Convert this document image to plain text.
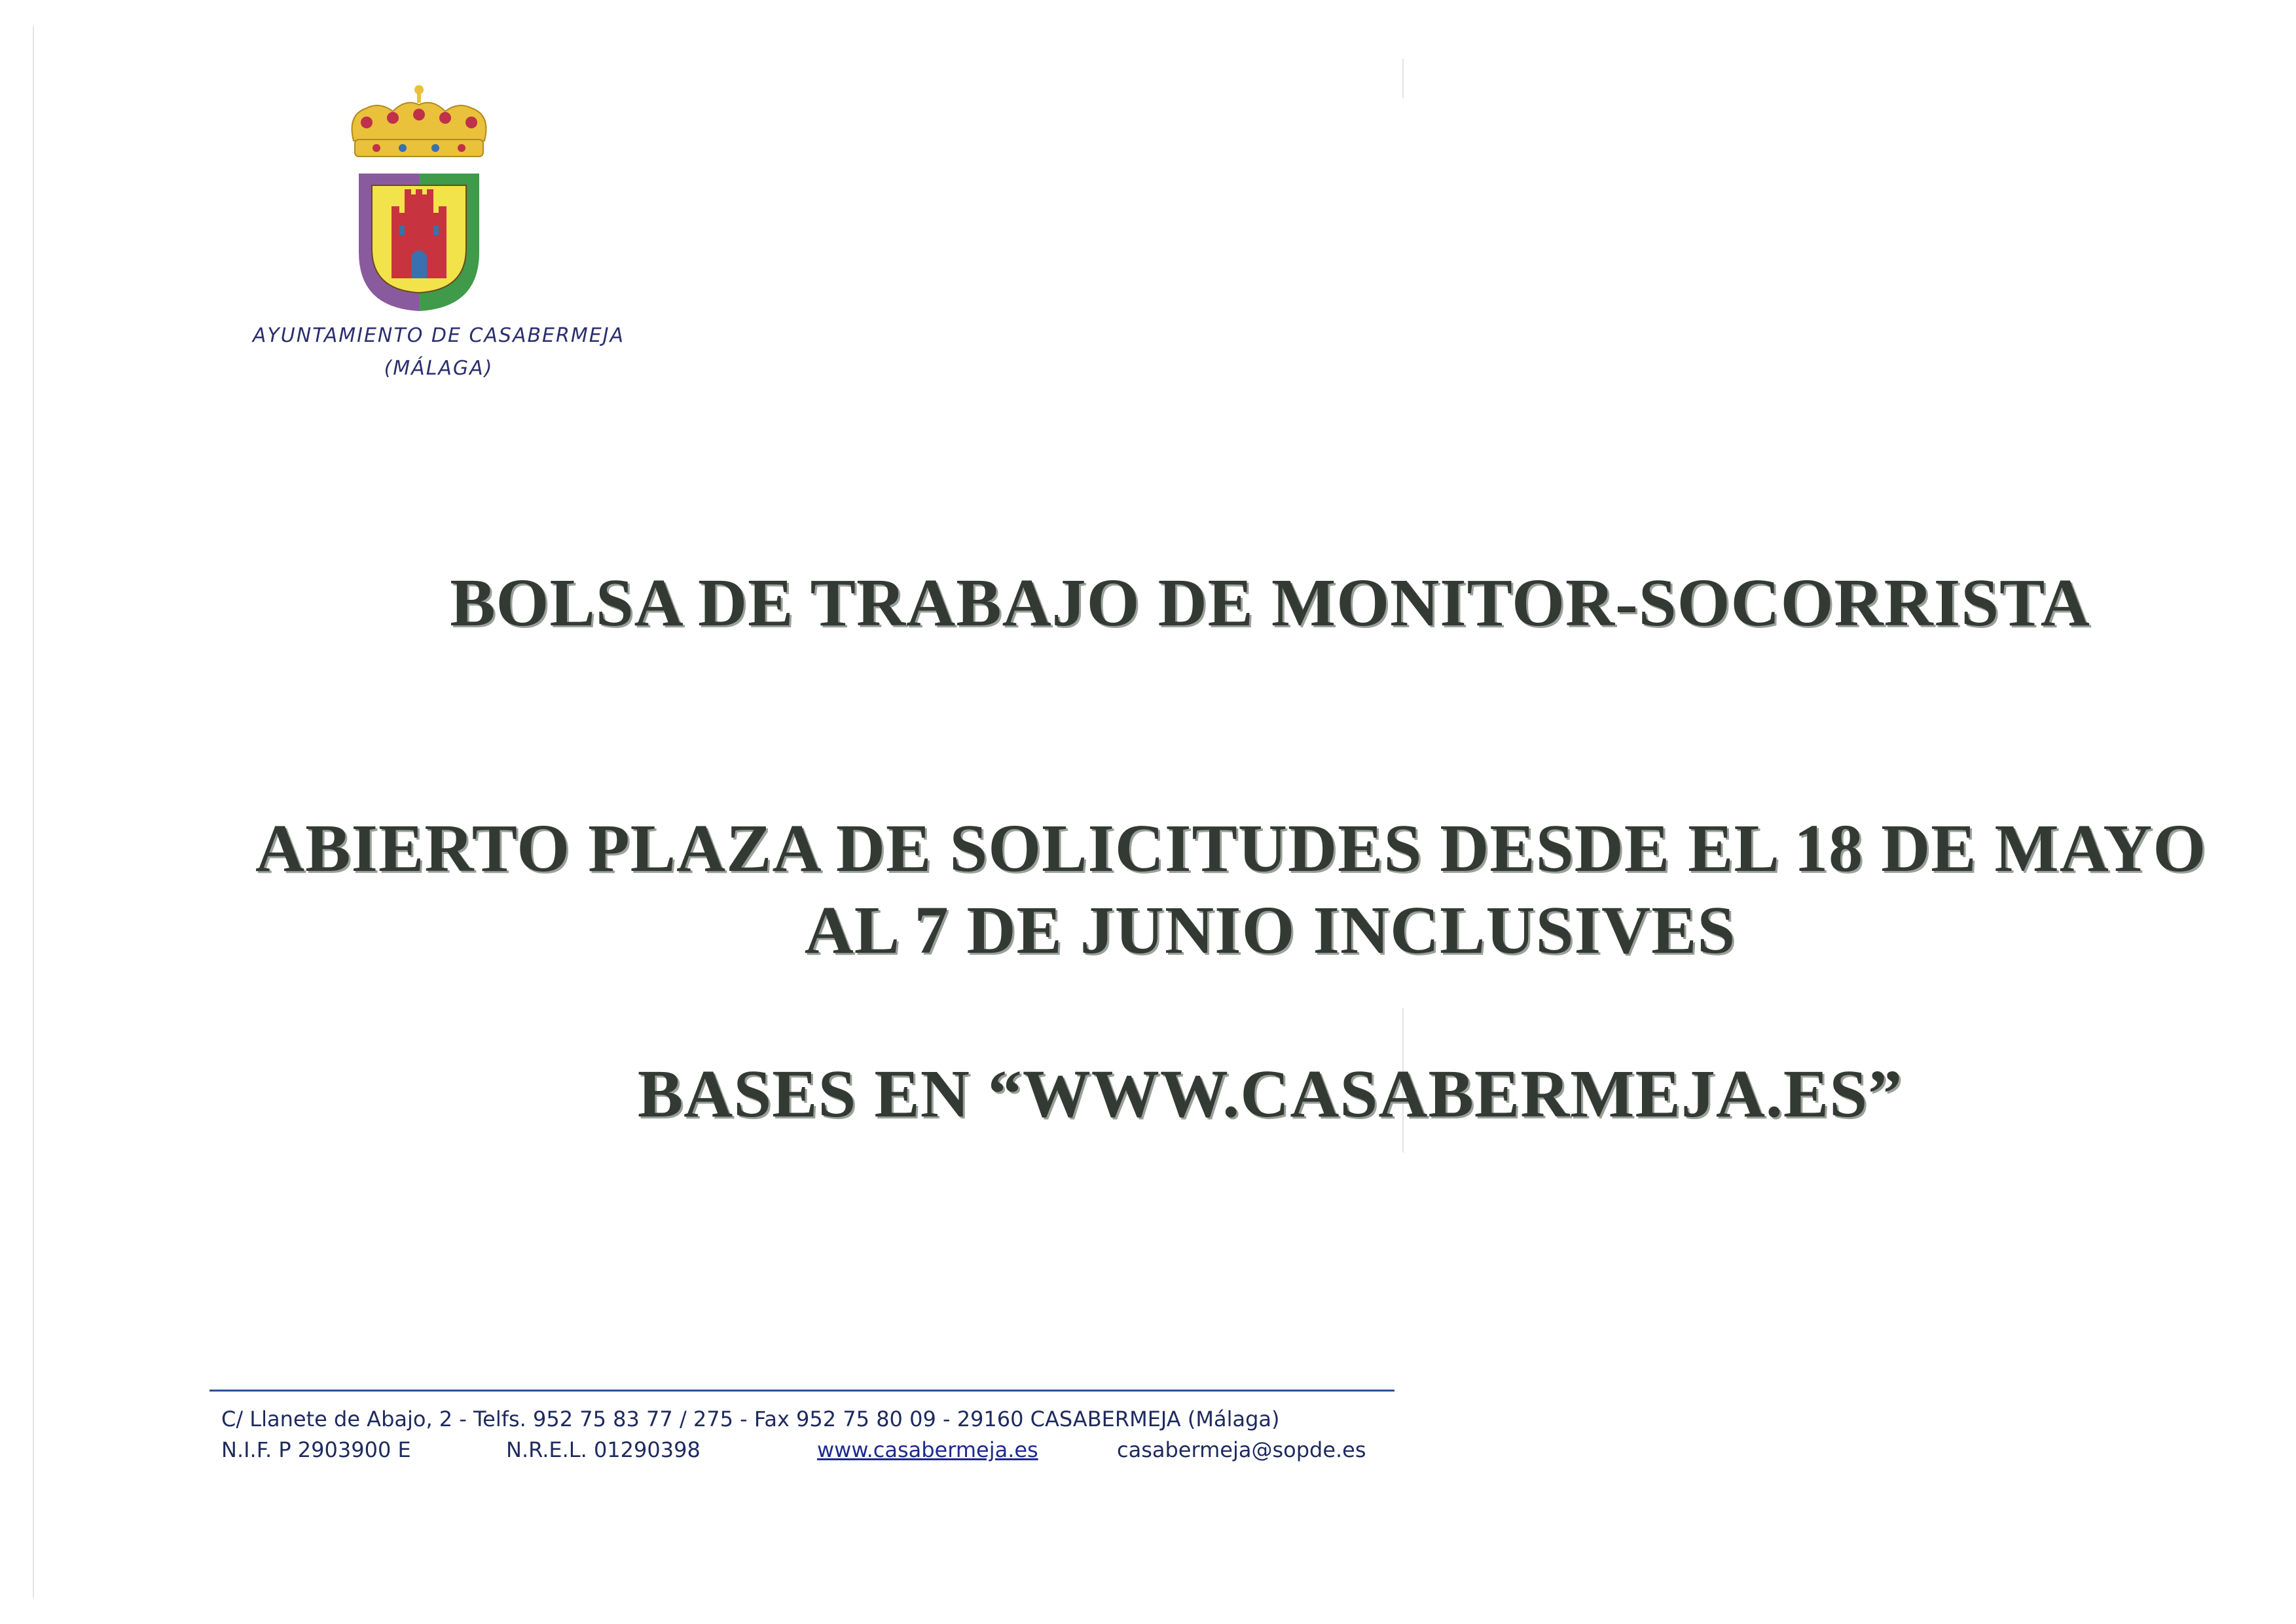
AYUNTAMIENTO DE CASABERMEJA
(MÁLAGA)
BOLSA DE TRABAJO DE MONITOR-SOCORRISTA
ABIERTO PLAZA DE SOLICITUDES DESDE EL 18 DE MAYO
AL 7 DE JUNIO INCLUSIVES
BASES EN “WWW.CASABERMEJA.ES”
C/ Llanete de Abajo, 2 - Telfs. 952 75 83 77 / 275 - Fax 952 75 80 09 - 29160 CASABERMEJA (Málaga)
N.I.F. P 2903900 E	N.R.E.L. 01290398	www.casabermeja.es	casabermeja@sopde.es
